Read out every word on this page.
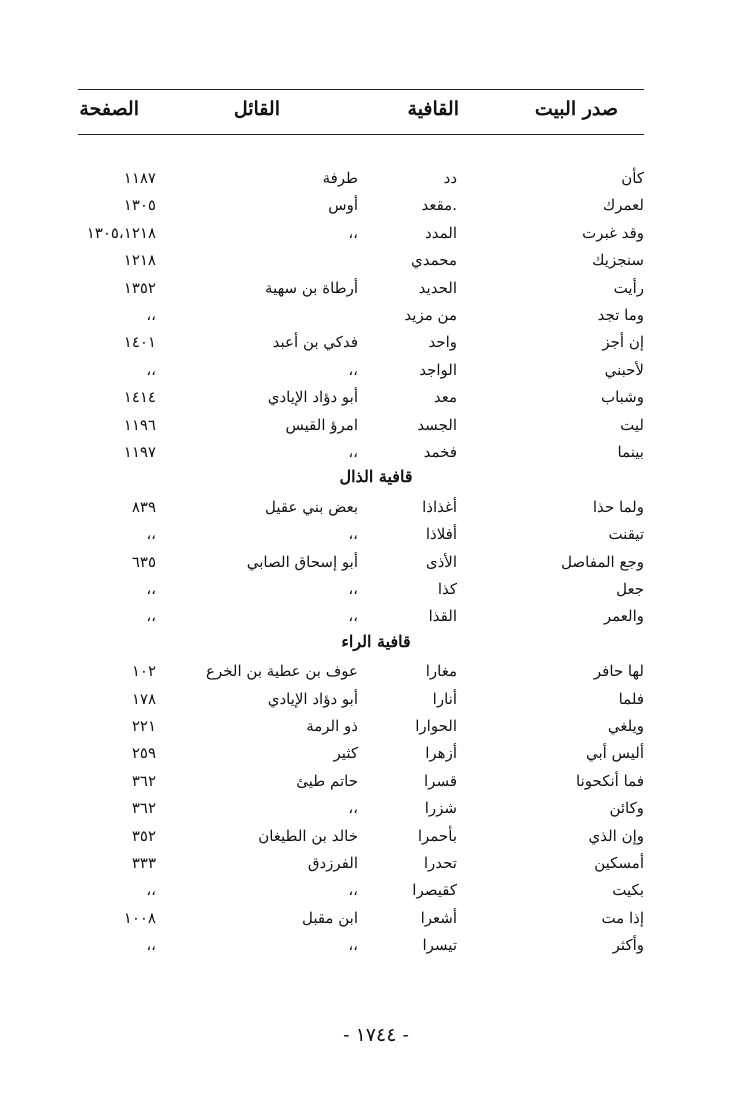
صدر البيت
القافية
القائل
الصفحة
كأن
دد
طرفة
١١٨٧
لعمرك
.مقعد
أوس
١٣٠٥
وقد غبرت
المدد
،،
١٣٠٥،١٢١٨
سنجزيك
محمدي
١٢١٨
رأيت
الحديد
أرطاة بن سهية
١٣٥٢
وما تجد
من مزيد
،،
إن أجز
واحد
فدكي بن أعبد
١٤٠١
لأحبني
الواجد
،،
،،
وشباب
معد
أبو دؤاد الإيادي
١٤١٤
ليت
الجسد
امرؤ القيس
١١٩٦
بينما
فخمد
،،
١١٩٧
قافية الذال
ولما حذا
أغذاذا
بعض بني عقيل
٨٣٩
تيقنت
أفلاذا
،،
،،
وجع المفاصل
الأذى
أبو إسحاق الصابي
٦٣٥
جعل
كذا
،،
،،
والعمر
القذا
،،
،،
قافية الراء
لها حافر
مغارا
عوف بن عطية بن الخرع
١٠٢
فلما
أنارا
أبو دؤاد الإيادي
١٧٨
ويلغي
الحوارا
ذو الرمة
٢٢١
أليس أبي
أزهرا
كثير
٢٥٩
فما أنكحونا
قسرا
حاتم طيئ
٣٦٢
وكائن
شزرا
،،
٣٦٢
وإن الذي
بأحمرا
خالد بن الطيغان
٣٥٢
أمسكين
تحدرا
الفرزدق
٣٣٣
بكيت
كقيصرا
،،
،،
إذا مت
أشعرا
ابن مقبل
١٠٠٨
وأكثر
تيسرا
،،
،،
- ١٧٤٤ -
